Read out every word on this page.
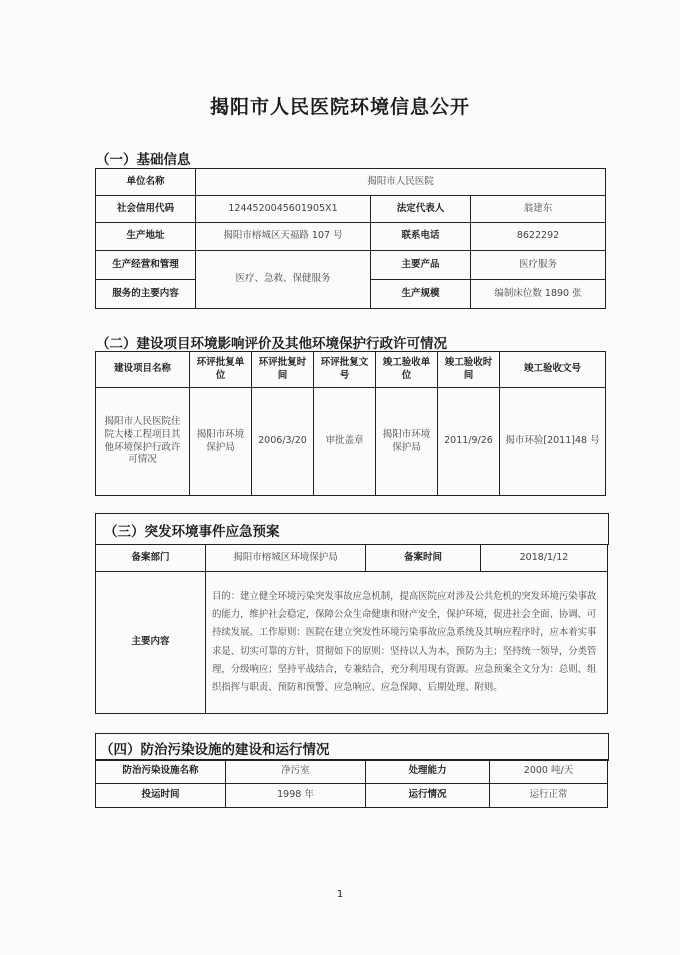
揭阳市人民医院环境信息公开
（一）基础信息
单位名称	揭阳市人民医院		
社会信用代码	1244520045601905X1	法定代表人	翁建东
生产地址	揭阳市榕城区天福路 107 号	联系电话	8622292
生产经营和管理	医疗、急救、保健服务	主要产品	医疗服务
服务的主要内容		生产规模	编制床位数 1890 张
（二）建设项目环境影响评价及其他环境保护行政许可情况
建设项目名称	环评批复单位	环评批复时间	环评批复文号	竣工验收单位	竣工验收时间	竣工验收文号
揭阳市人民医院住院大楼工程项目其他环境保护行政许可情况	揭阳市环境保护局	2006/3/20	审批盖章	揭阳市环境保护局	2011/9/26	揭市环验[2011]48 号
（三）突发环境事件应急预案
备案部门	揭阳市榕城区环境保护局	备案时间	2018/1/12
主要内容	目的：建立健全环境污染突发事故应急机制，提高医院应对涉及公共危机的突发环境污染事故的能力，维护社会稳定，保障公众生命健康和财产安全，保护环境，促进社会全面、协调、可持续发展。工作原则：医院在建立突发性环境污染事故应急系统及其响应程序时，应本着实事求是、切实可靠的方针，贯彻如下的原则：坚持以人为本，预防为主；坚持统一领导，分类管理，分级响应；坚持平战结合，专兼结合，充分利用现有资源。应急预案全文分为：总则、组织指挥与职责、预防和预警、应急响应、应急保障、后期处理、附则。		
（四）防治污染设施的建设和运行情况
防治污染设施名称	净污室	处理能力	2000 吨/天
投运时间	1998 年	运行情况	运行正常
1
